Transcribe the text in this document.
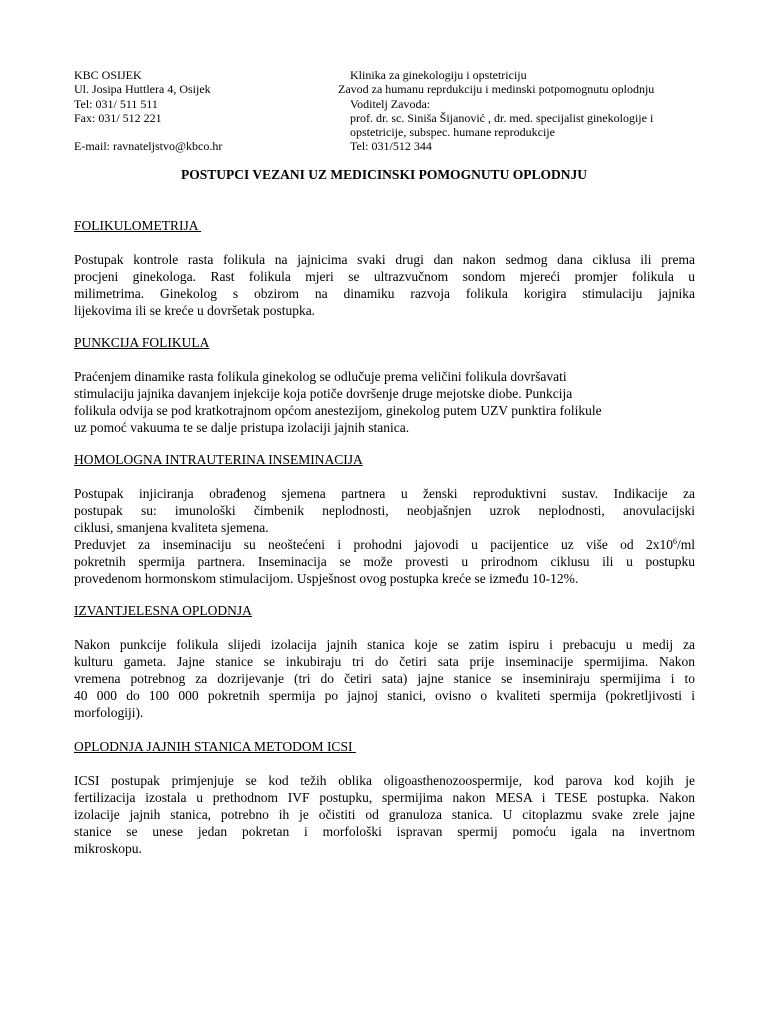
KBC OSIJEK
Ul. Josipa Huttlera 4, Osijek
Tel: 031/ 511 511
Fax: 031/ 512 221
E-mail: ravnateljstvo@kbco.hr
Klinika za ginekologiju i opstetriciju
Zavod za humanu reprdukciju i medinski potpomognutu oplodnju
Voditelj Zavoda:
prof. dr. sc. Siniša Šijanović , dr. med. specijalist ginekologije i
opstetricije, subspec. humane reprodukcije
Tel: 031/512 344
POSTUPCI VEZANI UZ MEDICINSKI POMOGNUTU OPLODNJU
FOLIKULOMETRIJA
Postupak kontrole rasta folikula na jajnicima svaki drugi dan nakon sedmog dana ciklusa ili prema
procjeni ginekologa. Rast folikula mjeri se ultrazvučnom sondom mjereći promjer folikula u
milimetrima. Ginekolog s obzirom na dinamiku razvoja folikula korigira stimulaciju jajnika
lijekovima ili se kreće u dovršetak postupka.
PUNKCIJA FOLIKULA
Praćenjem dinamike rasta folikula ginekolog se odlučuje prema veličini folikula dovršavati
stimulaciju jajnika davanjem injekcije koja potiče dovršenje druge mejotske diobe. Punkcija
folikula odvija se pod kratkotrajnom općom anestezijom, ginekolog putem UZV punktira folikule
uz pomoć vakuuma te se dalje pristupa izolaciji jajnih stanica.
HOMOLOGNA INTRAUTERINA INSEMINACIJA
Postupak injiciranja obrađenog sjemena partnera u ženski reproduktivni sustav. Indikacije za
postupak su: imunološki čimbenik neplodnosti, neobjašnjen uzrok neplodnosti, anovulacijski
ciklusi, smanjena kvaliteta sjemena.
Preduvjet za inseminaciju su neoštećeni i prohodni jajovodi u pacijentice uz više od $2x10^6/ml$
pokretnih spermija partnera. Inseminacija se može provesti u prirodnom ciklusu ili u postupku
provedenom hormonskom stimulacijom. Uspješnost ovog postupka kreće se između 10-12%.
IZVANTJELESNA OPLODNJA
Nakon punkcije folikula slijedi izolacija jajnih stanica koje se zatim ispiru i prebacuju u medij za
kulturu gameta. Jajne stanice se inkubiraju tri do četiri sata prije inseminacije spermijima. Nakon
vremena potrebnog za dozrijevanje (tri do četiri sata) jajne stanice se inseminiraju spermijima i to
40 000 do 100 000 pokretnih spermija po jajnoj stanici, ovisno o kvaliteti spermija (pokretljivosti i
morfologiji).
OPLODNJA JAJNIH STANICA METODOM ICSI
ICSI postupak primjenjuje se kod težih oblika oligoasthenozoospermije, kod parova kod kojih je
fertilizacija izostala u prethodnom IVF postupku, spermijima nakon MESA i TESE postupka. Nakon
izolacije jajnih stanica, potrebno ih je očistiti od granuloza stanica. U citoplazmu svake zrele jajne
stanice se unese jedan pokretan i morfološki ispravan spermij pomoću igala na invertnom
mikroskopu.
